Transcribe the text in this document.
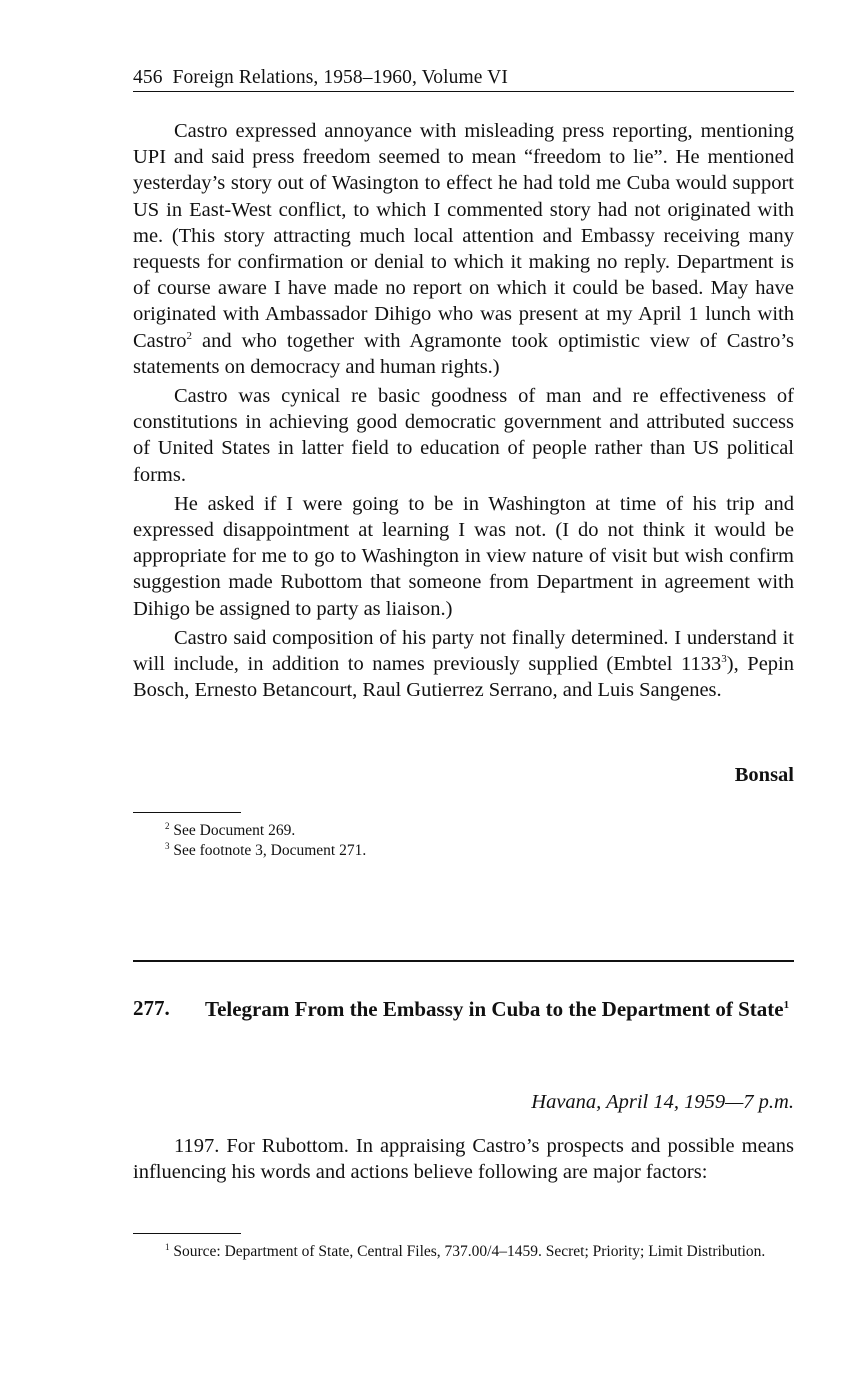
456 Foreign Relations, 1958–1960, Volume VI

Castro expressed annoyance with misleading press reporting, mentioning UPI and said press freedom seemed to mean “freedom to lie”. He mentioned yesterday’s story out of Wasington to effect he had told me Cuba would support US in East-West conflict, to which I commented story had not originated with me. (This story attracting much local attention and Embassy receiving many requests for confirmation or denial to which it making no reply. Department is of course aware I have made no report on which it could be based. May have originated with Ambassador Dihigo who was present at my April 1 lunch with Castro$^2$ and who together with Agramonte took optimistic view of Castro’s statements on democracy and human rights.)

Castro was cynical re basic goodness of man and re effectiveness of constitutions in achieving good democratic government and attributed success of United States in latter field to education of people rather than US political forms.

He asked if I were going to be in Washington at time of his trip and expressed disappointment at learning I was not. (I do not think it would be appropriate for me to go to Washington in view nature of visit but wish confirm suggestion made Rubottom that someone from Department in agreement with Dihigo be assigned to party as liaison.)

Castro said composition of his party not finally determined. I understand it will include, in addition to names previously supplied (Embtel 1133$^3$), Pepin Bosch, Ernesto Betancourt, Raul Gutierrez Serrano, and Luis Sangenes.

Bonsal
$^2$ See Document 269.
$^3$ See footnote 3, Document 271.
277. Telegram From the Embassy in Cuba to the Department of State$^1$
Havana, April 14, 1959—7 p.m.

1197. For Rubottom. In appraising Castro’s prospects and possible means influencing his words and actions believe following are major factors:

$^1$ Source: Department of State, Central Files, 737.00/4–1459. Secret; Priority; Limit Distribution.
